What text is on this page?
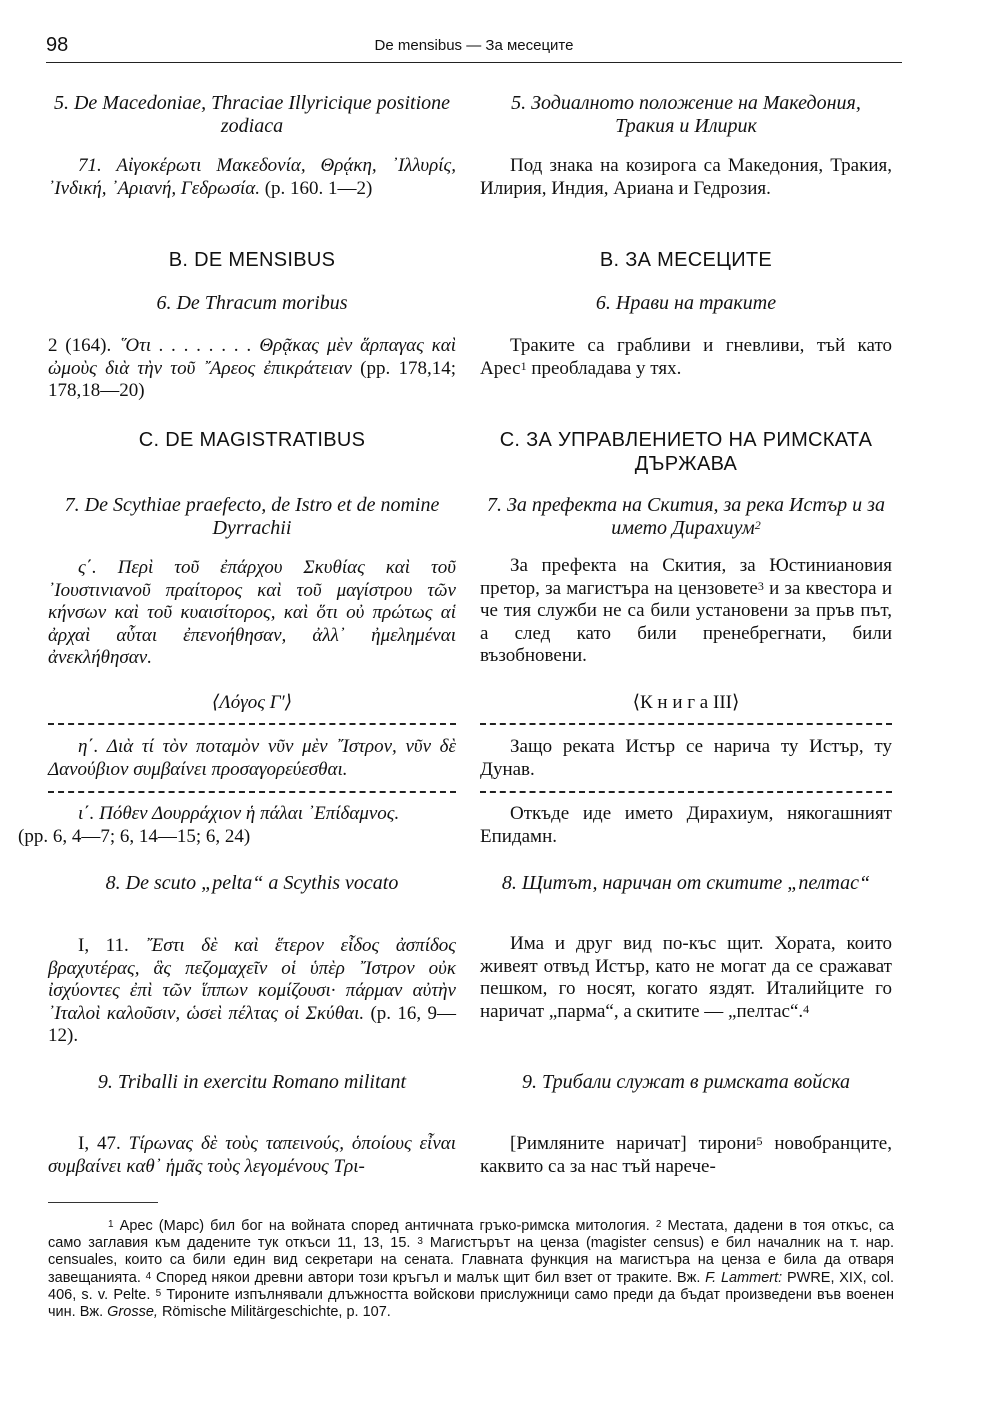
98	De mensibus — За месеците
5. De Macedoniae, Thraciae Illyricique positione zodiaca
71. Αἰγοκέρωτι Μακεδονία, Θρᾴκη, ᾿Ιλλυρίς, ᾿Ινδική, ᾿Αριανή, Γεδρωσία. (p. 160. 1—2)
B. DE MENSIBUS
6. De Thracum moribus
2 (164). ῞Οτι . . . . . . . . Θρᾷκας μὲν ἅρπαγας καὶ ὠμοὺς διὰ τὴν τοῦ ῎Αρεος ἐπικράτειαν (pp. 178,14; 178,18—20)
C. DE MAGISTRATIBUS
7. De Scythiae praefecto, de Istro et de nomine Dyrrachii
ς΄. Περὶ τοῦ ἐπάρχου Σκυθίας καὶ τοῦ ᾿Ιουστινιανοῦ πραίτορος καὶ τοῦ μαγίστρου τῶν κήνσων καὶ τοῦ κυαισίτορος, καὶ ὅτι οὐ πρώτως αἱ ἀρχαὶ αὗται ἐπενοήθησαν, ἀλλ᾿ ἠμελημέναι ἀνεκλήθησαν.
⟨Λόγος Γ′⟩
η΄. Διὰ τί τὸν ποταμὸν νῦν μὲν ῎Ιστρον, νῦν δὲ Δανούβιον συμβαίνει προσαγορεύεσθαι.
ι΄. Πόθεν Δουρράχιον ἡ πάλαι ᾿Επίδαμνος.
(pp. 6, 4—7; 6, 14—15; 6, 24)
8. De scuto „pelta“ a Scythis vocato
I, 11. ῎Εστι δὲ καὶ ἕτερον εἶδος ἀσπίδος βραχυτέρας, ἃς πεζομαχεῖν οἱ ὑπὲρ ῎Ιστρον οὐκ ἰσχύοντες ἐπὶ τῶν ἵππων κομίζουσι· πάρμαν αὐτὴν ᾿Ιταλοὶ καλοῦσιν, ὡσεὶ πέλτας οἱ Σκύθαι. (p. 16, 9—12).
9. Triballi in exercitu Romano militant
I, 47. Τίρωνας δὲ τοὺς ταπεινούς, ὁποίους εἶναι συμβαίνει καθ᾿ ἡμᾶς τοὺς λεγομένους Τρι-
5. Зодиалното положение на Македония, Тракия и Илирик
Под знака на козирога са Македония, Тракия, Илирия, Индия, Ариана и Гедрозия.
В. ЗА МЕСЕЦИТЕ
6. Нрави на траките
Траките са грабливи и гневливи, тъй като Арес$^1$ преобладава у тях.
С. ЗА УПРАВЛЕНИЕТО НА РИМСКАТА ДЪРЖАВА
7. За префекта на Скития, за река Истър и за името Дирахиум$^2$
За префекта на Скития, за Юстиниановия претор, за магистъра на цензовете$^3$ и за квестора и че тия служби не са били установени за пръв път, а след като били пренебрегнати, били възобновени.
⟨К н и г а III⟩
Защо реката Истър се нарича ту Истър, ту Дунав.
Откъде иде името Дирахиум, някогашният Епидамн.
8. Щитът, наричан от скитите „пелтас“
Има и друг вид по-къс щит. Хората, които живеят отвъд Истър, като не могат да се сражават пешком, го носят, когато яздят. Италийците го наричат „парма“, а скитите — „пелтас“.$^4$
9. Трибали служат в римската войска
[Римляните наричат] тирони$^5$ новобранците, каквито са за нас тъй нарече-
$^1$ Арес (Марс) бил бог на войната според античната гръко-римска митология. $^2$ Местата, дадени в тоя откъс, са само заглавия към дадените тук откъси 11, 13, 15. $^3$ Магистърът на ценза (magister census) е бил началник на т. нар. censuales, които са били един вид секретари на сената. Главната функция на магистъра на ценза е била да отваря завещанията. $^4$ Според някои древни автори този кръгъл и малък щит бил взет от траките. Вж. F. Lammert: PWRE, XIX, col. 406, s. v. Pelte. $^5$ Тироните изпълнявали длъжността войскови прислужници само преди да бъдат произведени във военен чин. Вж. Grosse, Römische Militärgeschichte, p. 107.
